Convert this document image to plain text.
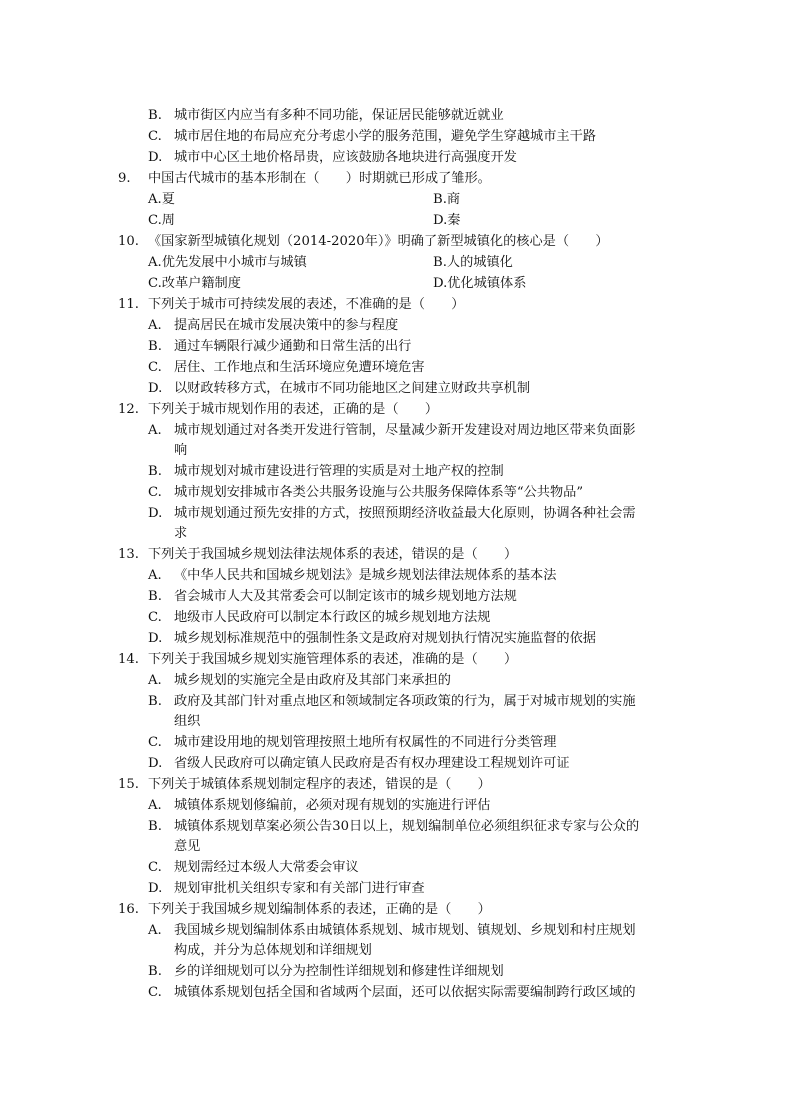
B. 城市街区内应当有多种不同功能，保证居民能够就近就业
C. 城市居住地的布局应充分考虑小学的服务范围，避免学生穿越城市主干路
D. 城市中心区土地价格昂贵，应该鼓励各地块进行高强度开发
9. 中国古代城市的基本形制在（　　）时期就已形成了雏形。
A.夏	B.商
C.周	D.秦
10. 《国家新型城镇化规划（2014-2020年）》明确了新型城镇化的核心是（　　）
A.优先发展中小城市与城镇	B.人的城镇化
C.改革户籍制度	D.优化城镇体系
11. 下列关于城市可持续发展的表述，不准确的是（　　）
A. 提高居民在城市发展决策中的参与程度
B. 通过车辆限行减少通勤和日常生活的出行
C. 居住、工作地点和生活环境应免遭环境危害
D. 以财政转移方式，在城市不同功能地区之间建立财政共享机制
12. 下列关于城市规划作用的表述，正确的是（　　）
A. 城市规划通过对各类开发进行管制，尽量减少新开发建设对周边地区带来负面影
响
B. 城市规划对城市建设进行管理的实质是对土地产权的控制
C. 城市规划安排城市各类公共服务设施与公共服务保障体系等“公共物品”
D. 城市规划通过预先安排的方式，按照预期经济收益最大化原则，协调各种社会需
求
13. 下列关于我国城乡规划法律法规体系的表述，错误的是（　　）
A. 《中华人民共和国城乡规划法》是城乡规划法律法规体系的基本法
B. 省会城市人大及其常委会可以制定该市的城乡规划地方法规
C. 地级市人民政府可以制定本行政区的城乡规划地方法规
D. 城乡规划标准规范中的强制性条文是政府对规划执行情况实施监督的依据
14. 下列关于我国城乡规划实施管理体系的表述，准确的是（　　）
A. 城乡规划的实施完全是由政府及其部门来承担的
B. 政府及其部门针对重点地区和领域制定各项政策的行为，属于对城市规划的实施
组织
C. 城市建设用地的规划管理按照土地所有权属性的不同进行分类管理
D. 省级人民政府可以确定镇人民政府是否有权办理建设工程规划许可证
15. 下列关于城镇体系规划制定程序的表述，错误的是（　　）
A. 城镇体系规划修编前，必须对现有规划的实施进行评估
B. 城镇体系规划草案必须公告30日以上，规划编制单位必须组织征求专家与公众的
意见
C. 规划需经过本级人大常委会审议
D. 规划审批机关组织专家和有关部门进行审查
16. 下列关于我国城乡规划编制体系的表述，正确的是（　　）
A. 我国城乡规划编制体系由城镇体系规划、城市规划、镇规划、乡规划和村庄规划
构成，并分为总体规划和详细规划
B. 乡的详细规划可以分为控制性详细规划和修建性详细规划
C. 城镇体系规划包括全国和省域两个层面，还可以依据实际需要编制跨行政区域的
